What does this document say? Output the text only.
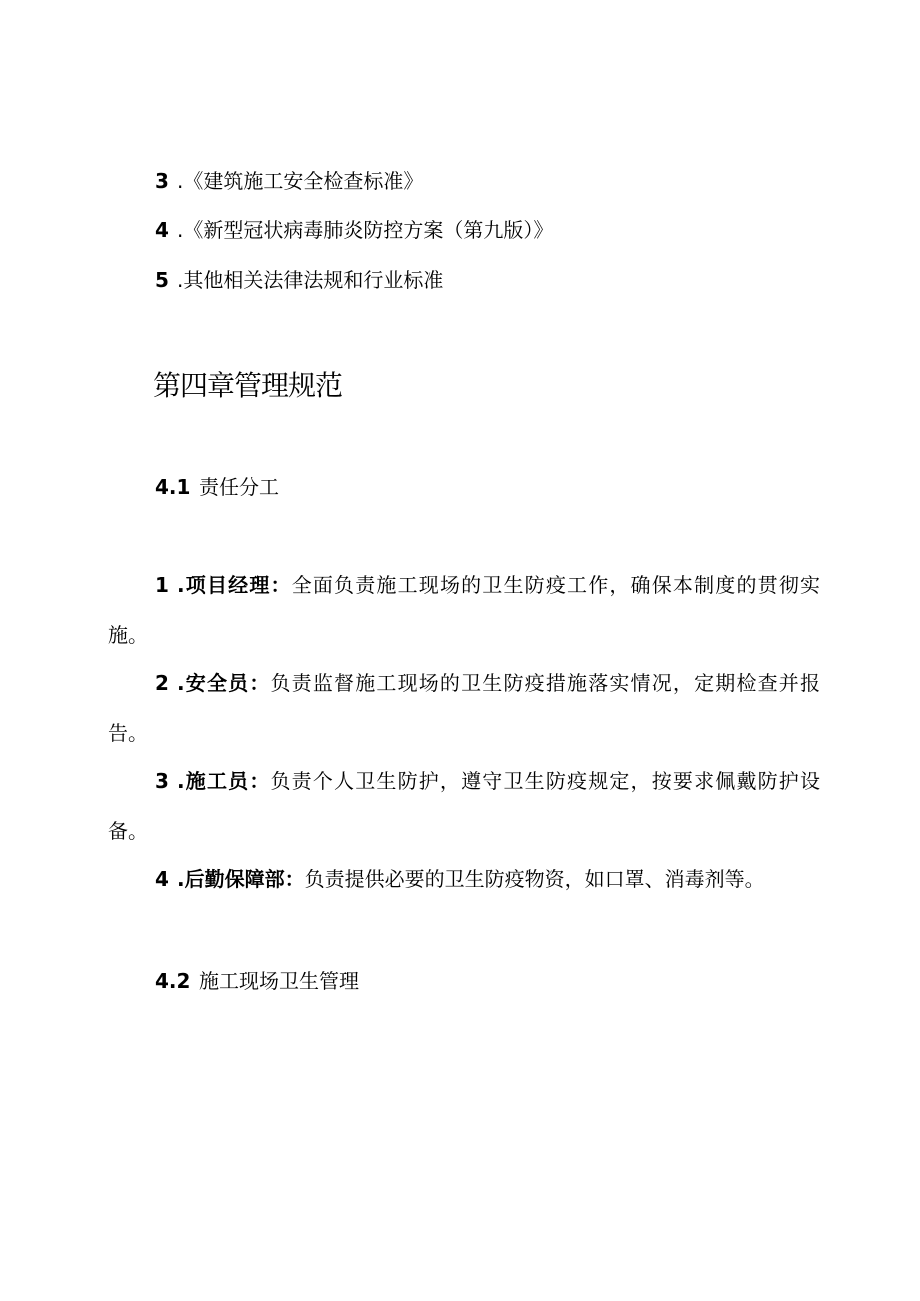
3 .《建筑施工安全检查标准》
4 .《新型冠状病毒肺炎防控方案（第九版）》
5 .其他相关法律法规和行业标准
第四章管理规范
4.1 责任分工
1 .项目经理：全面负责施工现场的卫生防疫工作，确保本制度的贯彻实施。
2 .安全员：负责监督施工现场的卫生防疫措施落实情况，定期检查并报告。
3 .施工员：负责个人卫生防护，遵守卫生防疫规定，按要求佩戴防护设备。
4 .后勤保障部：负责提供必要的卫生防疫物资，如口罩、消毒剂等。
4.2 施工现场卫生管理
